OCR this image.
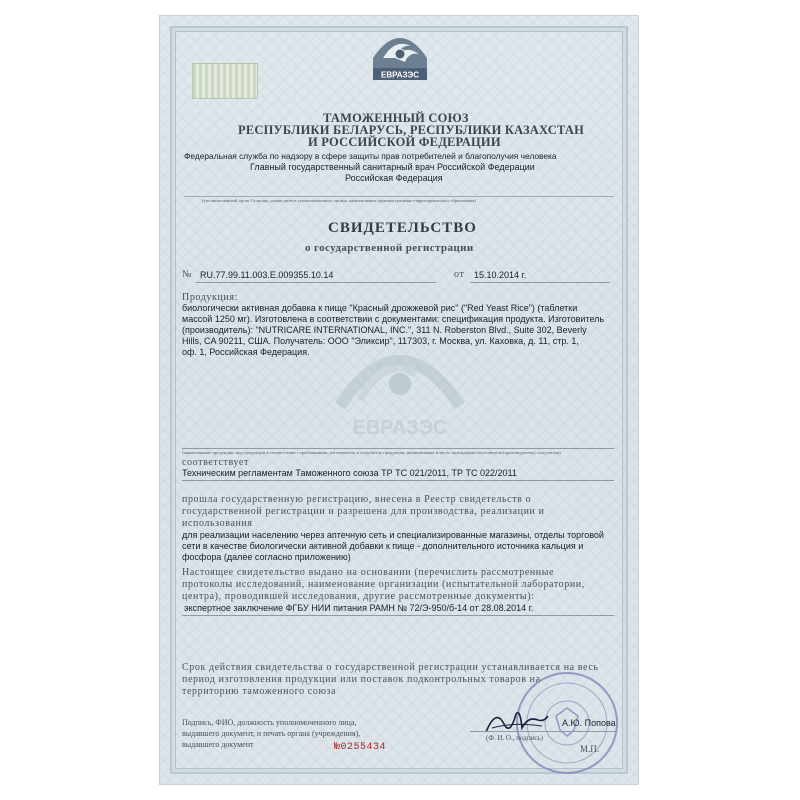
ЕВРАЗЭС
ТАМОЖЕННЫЙ СОЮЗ
РЕСПУБЛИКИ БЕЛАРУСЬ, РЕСПУБЛИКИ КАЗАХСТАН
И РОССИЙСКОЙ ФЕДЕРАЦИИ
Федеральная служба по надзору в сфере защиты прав потребителей и благополучия человека
Главный государственный санитарный врач Российской Федерации
Российская Федерация
(уполномоченный орган Стороны, руководитель уполномоченного органа, наименование административно-территориального образования)
СВИДЕТЕЛЬСТВО
о государственной регистрации
№ RU.77.99.11.003.E.009355.10.14	от 15.10.2014 г.
Продукция:
биологически активная добавка к пище "Красный дрожжевой рис" ("Red Yeast Rice") (таблетки
массой 1250 мг). Изготовлена в соответствии с документами: спецификация продукта. Изготовитель
(производитель): "NUTRICARE INTERNATIONAL, INC.", 311 N. Roberston Blvd., Suite 302, Beverly
Hills, CA 90211, США. Получатель: ООО "Эликсир", 117303, г. Москва, ул. Каховка, д. 11, стр. 1,
оф. 1, Российская Федерация.
ЕВРАЗЭС
(наименование продукции, вид продукции в соответствии с требованиями, изготовитель и получатель продукции, наименование и место нахождения изготовителя (производителя), получателя)
соответствует
Техническим регламентам Таможенного союза ТР ТС 021/2011, ТР ТС 022/2011
прошла государственную регистрацию, внесена в Реестр свидетельств о
государственной регистрации и разрешена для производства, реализации и
использования
для реализации населению через аптечную сеть и специализированные магазины, отделы торговой
сети в качестве биологически активной добавки к пище - дополнительного источника кальция и
фосфора (далее согласно приложению)
Настоящее свидетельство выдано на основании (перечислить рассмотренные
протоколы исследований, наименование организации (испытательной лаборатории,
центра), проводившей исследования, другие рассмотренные документы):
экспертное заключение ФГБУ НИИ питания РАМН № 72/Э-950/б-14 от 28.08.2014 г.
Срок действия свидетельства о государственной регистрации устанавливается на весь
период изготовления продукции или поставок подконтрольных товаров на
территорию таможенного союза
Подпись, ФИО, должность уполномоченного лица,
выдавшего документ, и печать органа (учреждения),
выдавшего документ
А.Ю. Попова
(Ф. И. О., подпись)
М.П.
№0255434
